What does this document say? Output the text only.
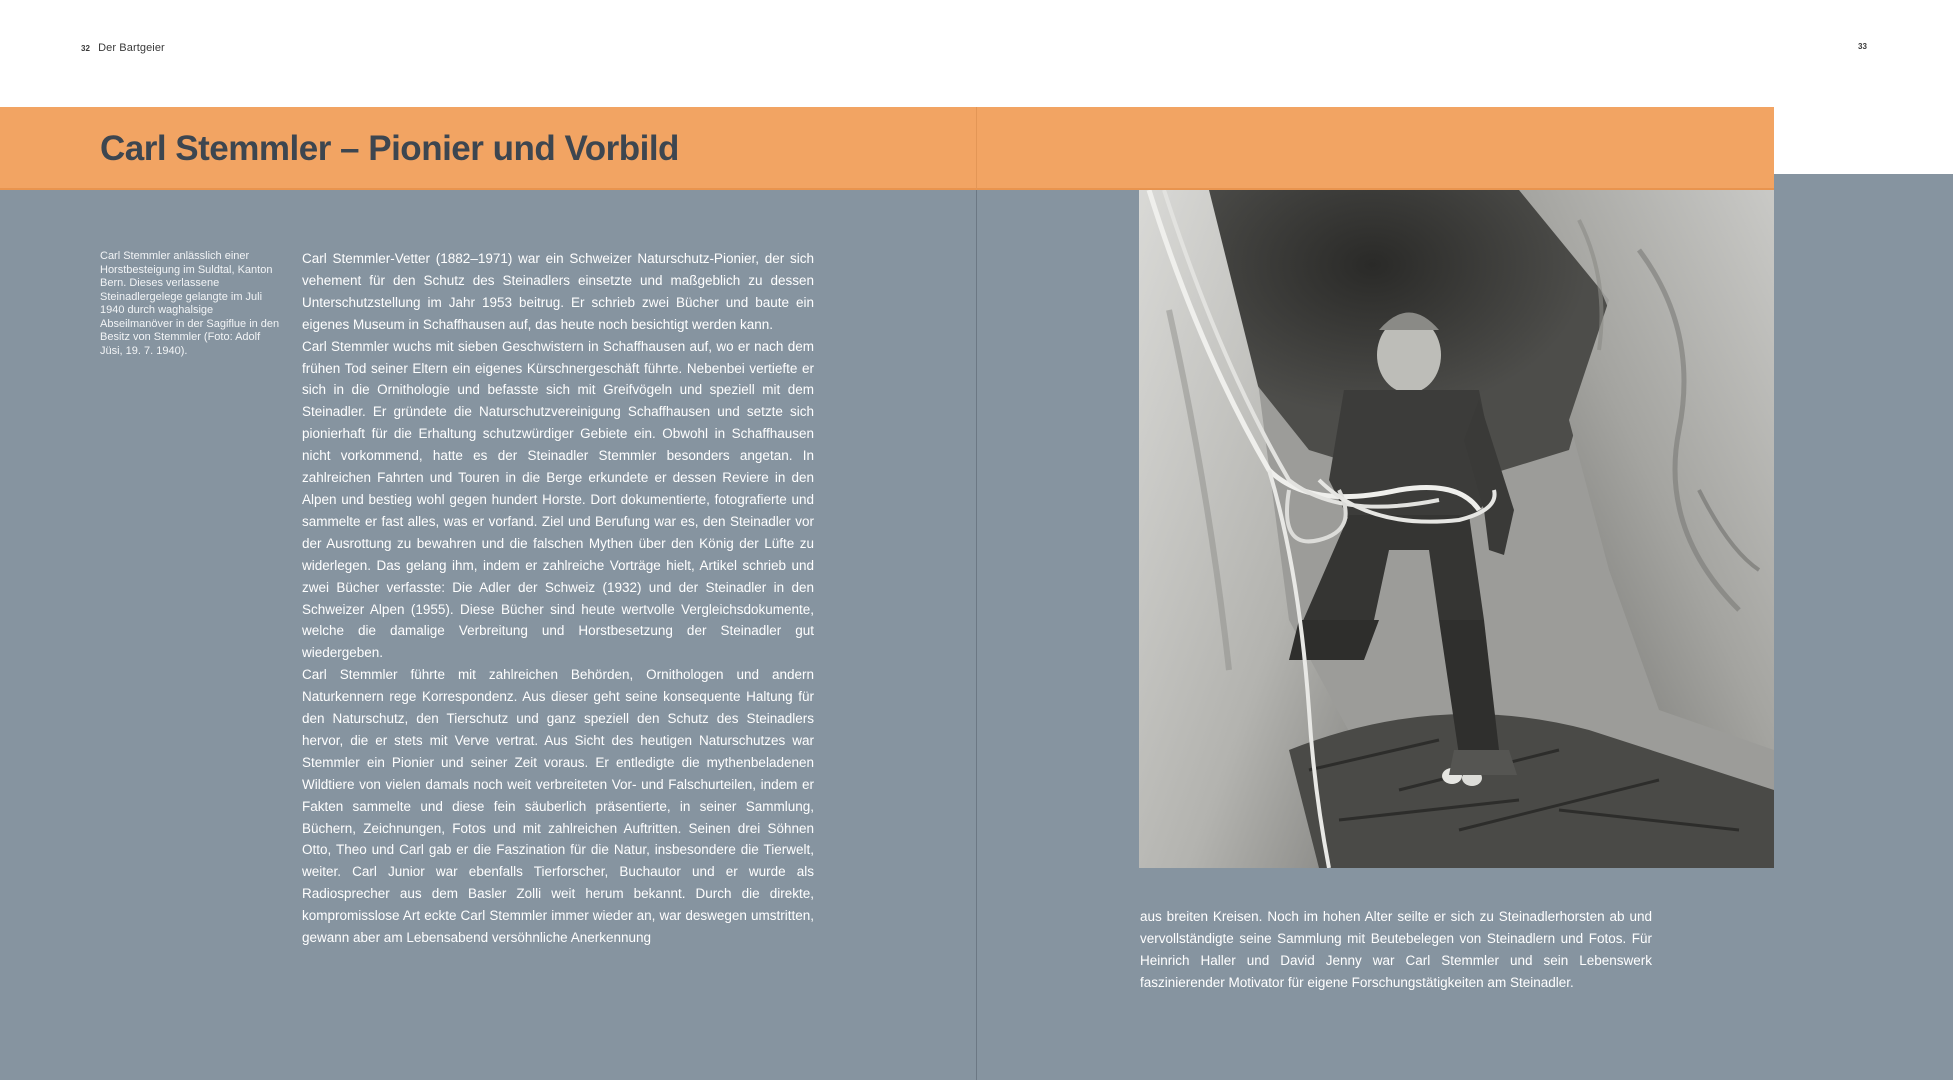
32 Der Bartgeier	33
Carl Stemmler – Pionier und Vorbild
Carl Stemmler anlässlich einer Horstbesteigung im Suldtal, Kanton Bern. Dieses verlassene Steinadlergelege gelangte im Juli 1940 durch waghalsige Abseilmanöver in der Sagiflue in den Besitz von Stemmler (Foto: Adolf Jüsi, 19. 7. 1940).

Carl Stemmler-Vetter (1882–1971) war ein Schweizer Naturschutz-Pionier, der sich vehement für den Schutz des Steinadlers einsetzte und maßgeblich zu dessen Unterschutzstellung im Jahr 1953 beitrug. Er schrieb zwei Bücher und baute ein eigenes Museum in Schaffhausen auf, das heute noch besichtigt werden kann.

Carl Stemmler wuchs mit sieben Geschwistern in Schaffhausen auf, wo er nach dem frühen Tod seiner Eltern ein eigenes Kürschnergeschäft führte. Nebenbei vertiefte er sich in die Ornithologie und befasste sich mit Greifvögeln und speziell mit dem Steinadler. Er gründete die Naturschutzvereinigung Schaffhausen und setzte sich pionierhaft für die Erhaltung schutzwürdiger Gebiete ein. Obwohl in Schaffhausen nicht vorkommend, hatte es der Steinadler Stemmler besonders angetan. In zahlreichen Fahrten und Touren in die Berge erkundete er dessen Reviere in den Alpen und bestieg wohl gegen hundert Horste. Dort dokumentierte, fotografierte und sammelte er fast alles, was er vorfand. Ziel und Berufung war es, den Steinadler vor der Ausrottung zu bewahren und die falschen Mythen über den König der Lüfte zu widerlegen. Das gelang ihm, indem er zahlreiche Vorträge hielt, Artikel schrieb und zwei Bücher verfasste: Die Adler der Schweiz (1932) und der Steinadler in den Schweizer Alpen (1955). Diese Bücher sind heute wertvolle Vergleichsdokumente, welche die damalige Verbreitung und Horstbesetzung der Steinadler gut wiedergeben.

Carl Stemmler führte mit zahlreichen Behörden, Ornithologen und andern Naturkennern rege Korrespondenz. Aus dieser geht seine konsequente Haltung für den Naturschutz, den Tierschutz und ganz speziell den Schutz des Steinadlers hervor, die er stets mit Verve vertrat. Aus Sicht des heutigen Naturschutzes war Stemmler ein Pionier und seiner Zeit voraus. Er entledigte die mythenbeladenen Wildtiere von vielen damals noch weit verbreiteten Vor- und Falschurteilen, indem er Fakten sammelte und diese fein säuberlich präsentierte, in seiner Sammlung, Büchern, Zeichnungen, Fotos und mit zahlreichen Auftritten. Seinen drei Söhnen Otto, Theo und Carl gab er die Faszination für die Natur, insbesondere die Tierwelt, weiter. Carl Junior war ebenfalls Tierforscher, Buchautor und er wurde als Radiosprecher aus dem Basler Zolli weit herum bekannt. Durch die direkte, kompromisslose Art eckte Carl Stemmler immer wieder an, war deswegen umstritten, gewann aber am Lebensabend versöhnliche Anerkennung

aus breiten Kreisen. Noch im hohen Alter seilte er sich zu Steinadlerhorsten ab und vervollständigte seine Sammlung mit Beutebelegen von Steinadlern und Fotos. Für Heinrich Haller und David Jenny war Carl Stemmler und sein Lebenswerk faszinierender Motivator für eigene Forschungstätigkeiten am Steinadler.
